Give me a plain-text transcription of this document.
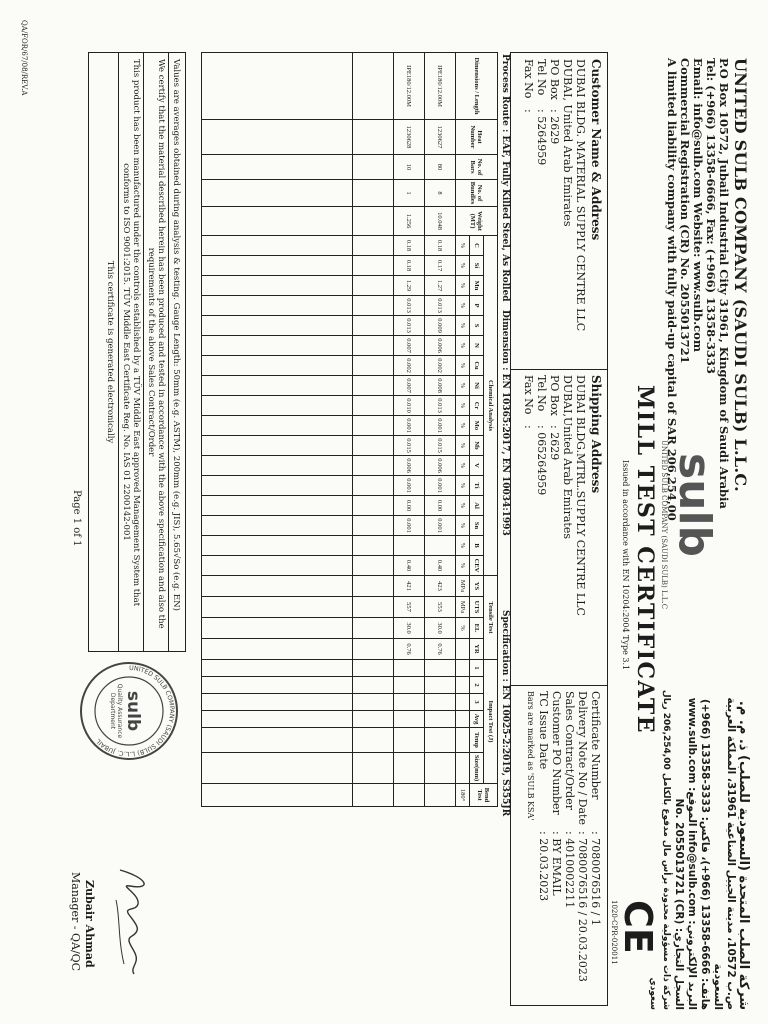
UNITED SULB COMPANY (SAUDI SULB) L.L.C.
P.O Box 10572, Jubail Industrial City 31961, Kingdom of Saudi Arabia
Tel: (+966) 13358-6666, Fax: (+966) 13358-3333
Email: info@sulb.com Website: www.sulb.com
Commercial Registration (CR) No. 2055013721
A limited liability company with fully paid-up capital of SAR 206,254,00
sulb
UNITED SULB COMPANY (SAUDI SULB) L.L.C
MILL TEST CERTIFICATE
Issued in accordance with EN 10204:2004 Type 3.1
شركة الصلب المتحدة (السعودية للصلب) ذ. م. م.
ص.ب 10572، مدينة الجبيل الصناعية 31961، المملكة العربية السعودية
هاتف: 6666-13358 (966+)، فاكس: 3333-13358 (966+)
البريد الإلكتروني: info@sulb.com الموقع: www.sulb.com
السجل التجاري: (CR) No. 2055013721
شركة ذات مسؤولية محدودة برأس مال مدفوع بالكامل 206,254,00 ريال سعودي
CE
1020-CPR-020011
Customer Name & Address
DUBAI BLDG. MATERIAL SUPPLY CENTRE LLC
DUBAI, United Arab Emirates
PO Box: 2629
Tel No: 5264959
Fax No:
Shipping Address
DUBAI BLDG.MTRL.SUPPLY CENTRE LLC
DUBAI,United Arab Emirates
PO Box: 2629
Tel No: 065264959
Fax No:
Certificate Number: 7080076516 / 1
Delivery Note No / Date: 7080076516 / 20.03.2023
Sales Contract/Order: 4010002211
Customer PO Number: BY EMAIL
TC Issue Date: 20.03.2023
Bars are marked as 'SULB KSA'
Process Route : EAF, Fully Killed Steel, As Rolled
Dimension : EN 10365:2017, EN 10034:1993
Specification : EN 10025-2:2019, S355JR
Dimensions / Length	Heat Number	No. of Bars	No. of Bundles	Weight (MT)	Chemical Analysis																	Tensile Test				Impact Test (J)						Bend Test
					C	Si	Mn	P	S	N	Cu	Ni	Cr	Mo	Nb	V	Ti	Al	Sn	B	CEV	YS	UTS	EL	YR	1	2	3	Avg	Temp	Size(mm)	
					%	%	%	%	%	%	%	%	%	%	%	%	%	%	%	%	%	MPa	MPa	%								180°
IPE180/12.00M	1230627	80	8	10.048	0.18	0.17	1.27	0.013	0.009	0.006	0.002	0.008	0.013	0.001	0.015	0.006	0.001	0.00	0.001		0.40	423	553	30.0	0.76							
IPE180/12.00M	1230628	10	1	1.256	0.18	0.18	1.29	0.013	0.013	0.007	0.002	0.007	0.010	0.001	0.015	0.006	0.001	0.00	0.001		0.40	421	557	30.0	0.76							

Values are averages obtained during analysis & testing. Gauge Length: 50mm (e.g. ASTM), 200mm (e.g. JIS), 5.65√So (e.g. EN)
We certify that the material described herein has been produced and tested in accordance with the above specification and also the
requirements of the above Sales Contract/Order
This product has been manufactured under the controls established by a TÜV Middle East approved Management System that
conforms to ISO 9001:2015. TÜV Middle East Certificate Reg. No. IAS 01 2200142-001
This certificate is generated electronically
UNITED SULB COMPANY (SAUDI SULB) L.L.C. JUBAIL
sulb
Quality Assurance
Department
Zubair Ahmad
Manager - QA/QC
QA/FOR/67/08/REV.A
Page 1 of 1
